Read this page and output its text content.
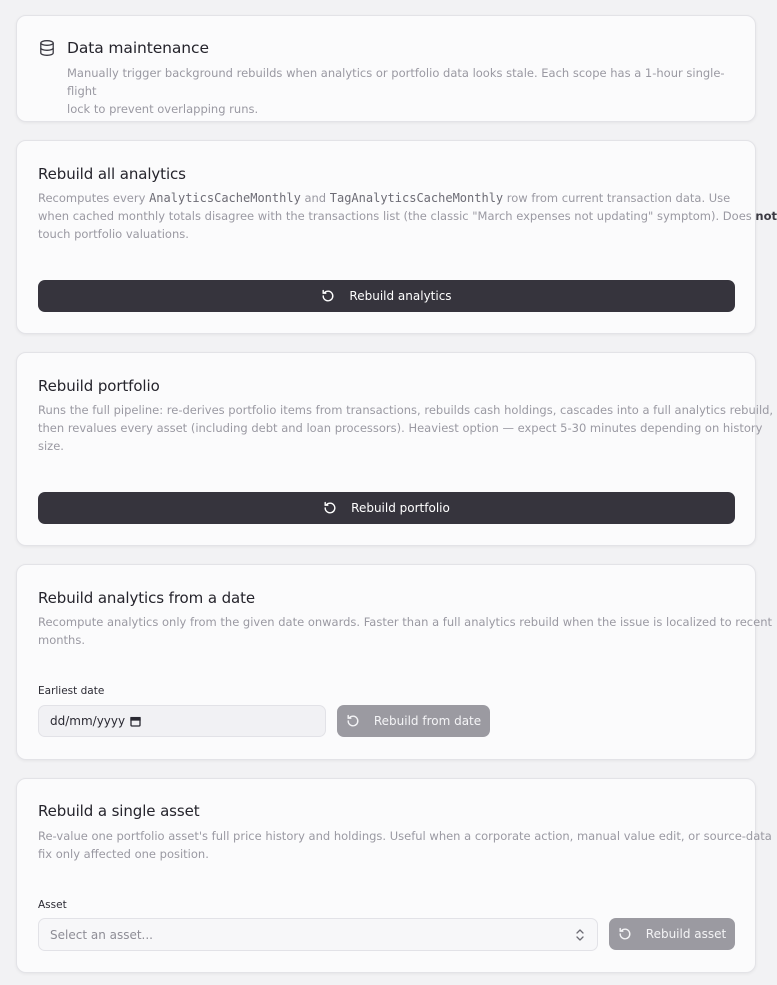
Data maintenance
Manually trigger background rebuilds when analytics or portfolio data looks stale. Each scope has a 1-hour single-flight
lock to prevent overlapping runs.
Rebuild all analytics
Recomputes every AnalyticsCacheMonthly and TagAnalyticsCacheMonthly row from current transaction data. Use
when cached monthly totals disagree with the transactions list (the classic "March expenses not updating" symptom). Does not
touch portfolio valuations.
Rebuild analytics
Rebuild portfolio
Runs the full pipeline: re-derives portfolio items from transactions, rebuilds cash holdings, cascades into a full analytics rebuild,
then revalues every asset (including debt and loan processors). Heaviest option — expect 5-30 minutes depending on history
size.
Rebuild portfolio
Rebuild analytics from a date
Recompute analytics only from the given date onwards. Faster than a full analytics rebuild when the issue is localized to recent
months.
Earliest date
dd/mm/yyyy	Rebuild from date
Rebuild a single asset
Re-value one portfolio asset's full price history and holdings. Useful when a corporate action, manual value edit, or source-data
fix only affected one position.
Asset
Select an asset...	Rebuild asset
